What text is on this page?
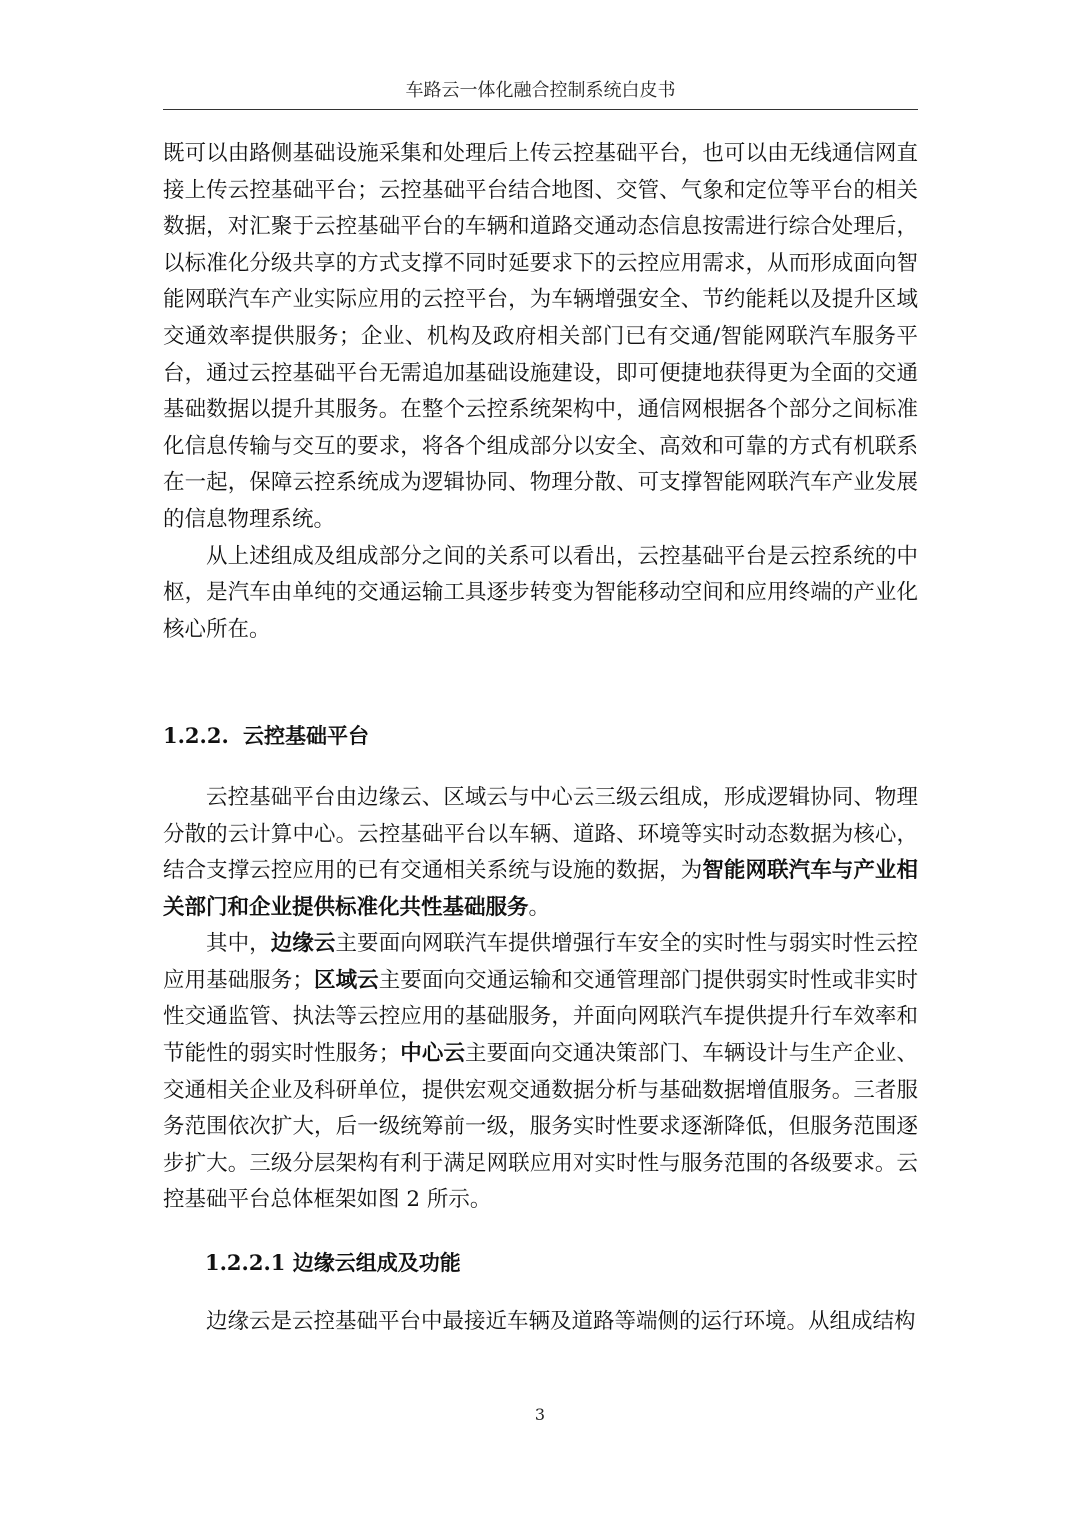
车路云一体化融合控制系统白皮书

既可以由路侧基础设施采集和处理后上传云控基础平台，也可以由无线通信网直接上传云控基础平台；云控基础平台结合地图、交管、气象和定位等平台的相关数据，对汇聚于云控基础平台的车辆和道路交通动态信息按需进行综合处理后，以标准化分级共享的方式支撑不同时延要求下的云控应用需求，从而形成面向智能网联汽车产业实际应用的云控平台，为车辆增强安全、节约能耗以及提升区域交通效率提供服务；企业、机构及政府相关部门已有交通/智能网联汽车服务平台，通过云控基础平台无需追加基础设施建设，即可便捷地获得更为全面的交通基础数据以提升其服务。在整个云控系统架构中，通信网根据各个部分之间标准化信息传输与交互的要求，将各个组成部分以安全、高效和可靠的方式有机联系在一起，保障云控系统成为逻辑协同、物理分散、可支撑智能网联汽车产业发展的信息物理系统。

从上述组成及组成部分之间的关系可以看出，云控基础平台是云控系统的中枢，是汽车由单纯的交通运输工具逐步转变为智能移动空间和应用终端的产业化核心所在。

1.2.2. 云控基础平台

云控基础平台由边缘云、区域云与中心云三级云组成，形成逻辑协同、物理分散的云计算中心。云控基础平台以车辆、道路、环境等实时动态数据为核心，结合支撑云控应用的已有交通相关系统与设施的数据，为智能网联汽车与产业相关部门和企业提供标准化共性基础服务。

其中，边缘云主要面向网联汽车提供增强行车安全的实时性与弱实时性云控应用基础服务；区域云主要面向交通运输和交通管理部门提供弱实时性或非实时性交通监管、执法等云控应用的基础服务，并面向网联汽车提供提升行车效率和节能性的弱实时性服务；中心云主要面向交通决策部门、车辆设计与生产企业、交通相关企业及科研单位，提供宏观交通数据分析与基础数据增值服务。三者服务范围依次扩大，后一级统筹前一级，服务实时性要求逐渐降低，但服务范围逐步扩大。三级分层架构有利于满足网联应用对实时性与服务范围的各级要求。云控基础平台总体框架如图 2 所示。

1.2.2.1 边缘云组成及功能

边缘云是云控基础平台中最接近车辆及道路等端侧的运行环境。从组成结构

3
